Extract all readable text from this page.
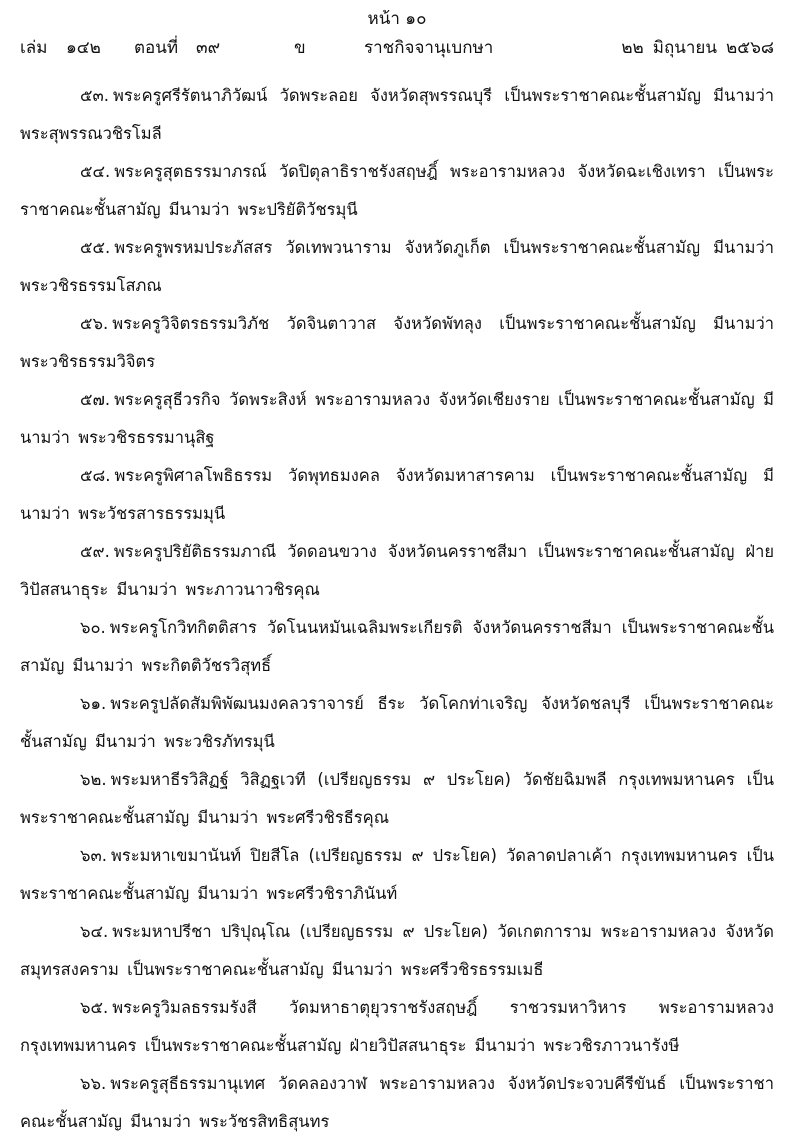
หน้า ๑๐
เล่ม	๑๔๒	ตอนที่	๓๙	ข	ราชกิจจานุเบกษา	๒๒ มิถุนายน ๒๕๖๘

๕๓. พระครูศรีรัตนาภิวัฒน์ วัดพระลอย จังหวัดสุพรรณบุรี เป็นพระราชาคณะชั้นสามัญ มีนามว่า พระสุพรรณวชิรโมลี

๕๔. พระครูสุตธรรมาภรณ์ วัดปิตุลาธิราชรังสฤษฎิ์ พระอารามหลวง จังหวัดฉะเชิงเทรา เป็นพระราชาคณะชั้นสามัญ มีนามว่า พระปริยัติวัชรมุนี

๕๕. พระครูพรหมประภัสสร วัดเทพวนาราม จังหวัดภูเก็ต เป็นพระราชาคณะชั้นสามัญ มีนามว่า พระวชิรธรรมโสภณ

๕๖. พระครูวิจิตรธรรมวิภัช วัดจินตาวาส จังหวัดพัทลุง เป็นพระราชาคณะชั้นสามัญ มีนามว่า พระวชิรธรรมวิจิตร

๕๗. พระครูสุธีวรกิจ วัดพระสิงห์ พระอารามหลวง จังหวัดเชียงราย เป็นพระราชาคณะชั้นสามัญ มีนามว่า พระวชิรธรรมานุสิฐ

๕๘. พระครูพิศาลโพธิธรรม วัดพุทธมงคล จังหวัดมหาสารคาม เป็นพระราชาคณะชั้นสามัญ มีนามว่า พระวัชรสารธรรมมุนี

๕๙. พระครูปริยัติธรรมภาณี วัดดอนขวาง จังหวัดนครราชสีมา เป็นพระราชาคณะชั้นสามัญ ฝ่ายวิปัสสนาธุระ มีนามว่า พระภาวนาวชิรคุณ

๖๐. พระครูโกวิทกิตติสาร วัดโนนหมันเฉลิมพระเกียรติ จังหวัดนครราชสีมา เป็นพระราชาคณะชั้นสามัญ มีนามว่า พระกิตติวัชรวิสุทธิ์

๖๑. พระครูปลัดสัมพิพัฒนมงคลวราจารย์ ธีระ วัดโคกท่าเจริญ จังหวัดชลบุรี เป็นพระราชาคณะชั้นสามัญ มีนามว่า พระวชิรภัทรมุนี

๖๒. พระมหาธีรวิสิฏฐ์ วิสิฏฐเวที (เปรียญธรรม ๙ ประโยค) วัดชัยฉิมพลี กรุงเทพมหานคร เป็นพระราชาคณะชั้นสามัญ มีนามว่า พระศรีวชิรธีรคุณ

๖๓. พระมหาเขมานันท์ ปิยสีโล (เปรียญธรรม ๙ ประโยค) วัดลาดปลาเค้า กรุงเทพมหานคร เป็นพระราชาคณะชั้นสามัญ มีนามว่า พระศรีวชิราภินันท์

๖๔. พระมหาปรีชา ปริปุณฺโณ (เปรียญธรรม ๙ ประโยค) วัดเกตการาม พระอารามหลวง จังหวัดสมุทรสงคราม เป็นพระราชาคณะชั้นสามัญ มีนามว่า พระศรีวชิรธรรมเมธี

๖๕. พระครูวิมลธรรมรังสี วัดมหาธาตุยุวราชรังสฤษฎิ์ ราชวรมหาวิหาร พระอารามหลวง กรุงเทพมหานคร เป็นพระราชาคณะชั้นสามัญ ฝ่ายวิปัสสนาธุระ มีนามว่า พระวชิรภาวนารังษี

๖๖. พระครูสุธีธรรมานุเทศ วัดคลองวาฬ พระอารามหลวง จังหวัดประจวบคีรีขันธ์ เป็นพระราชาคณะชั้นสามัญ มีนามว่า พระวัชรสิทธิสุนทร
